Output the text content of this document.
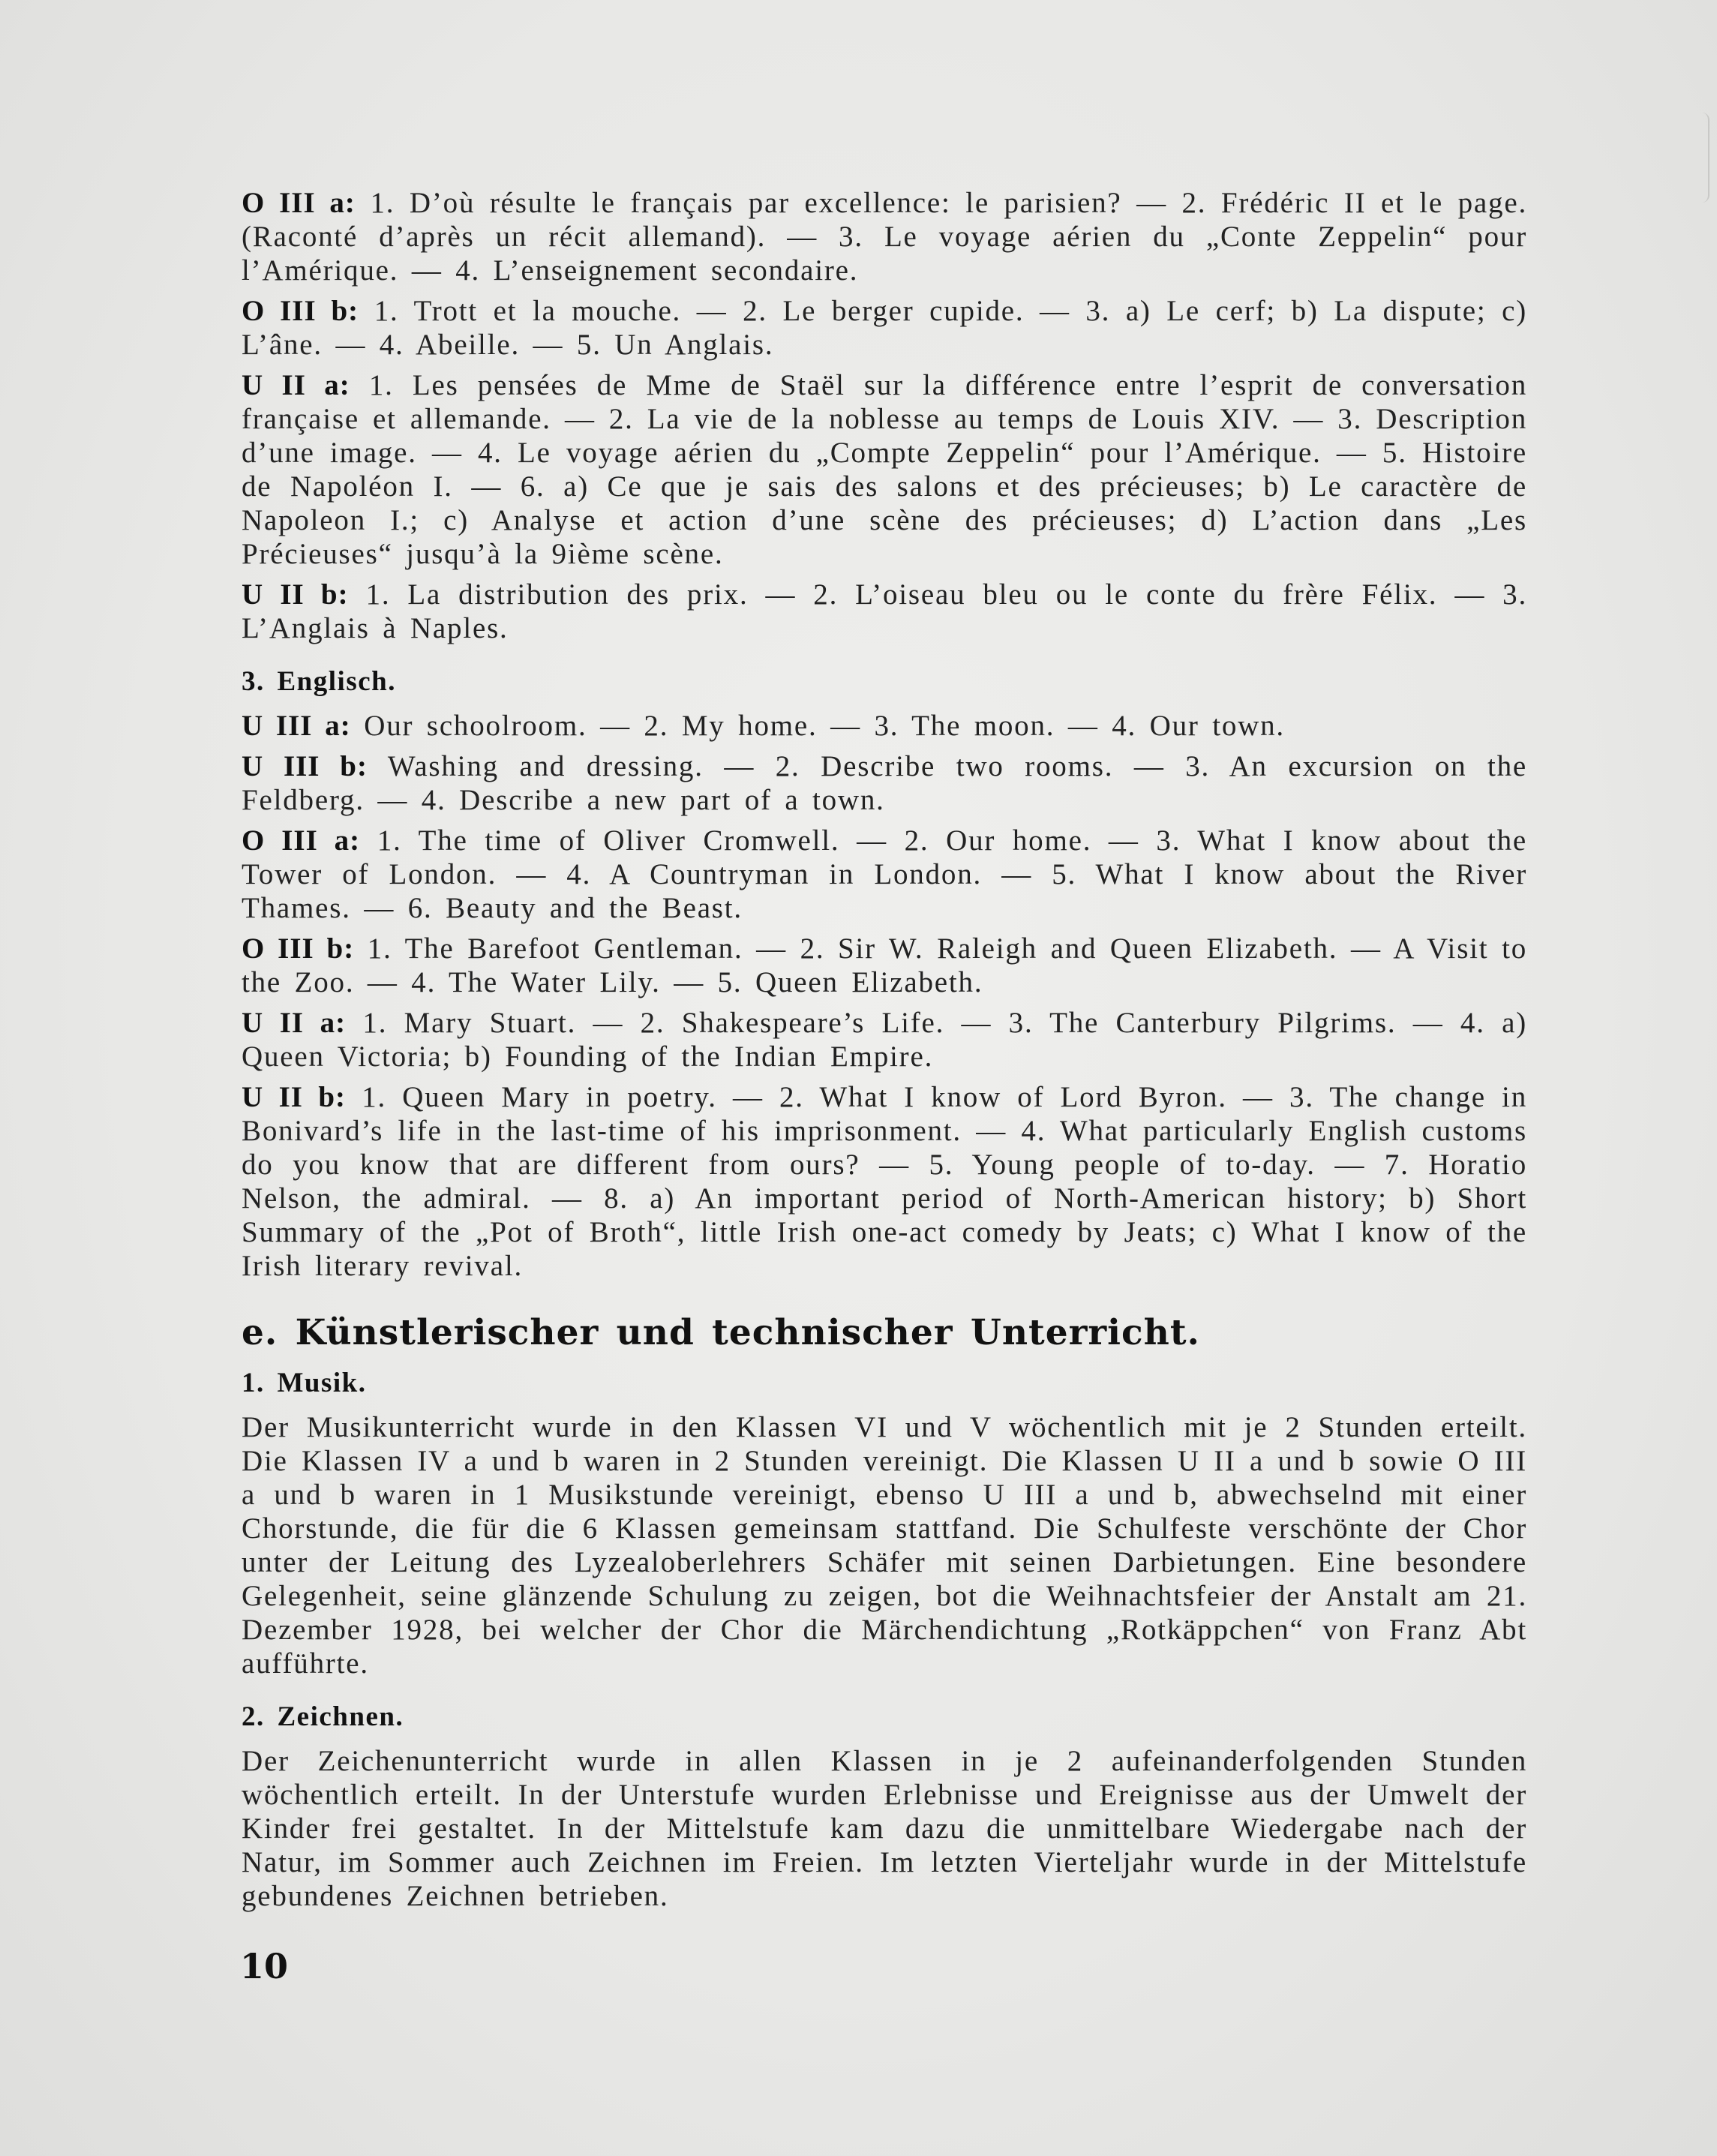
O III a: 1. D’où résulte le français par excellence: le parisien? — 2. Frédéric II et le page. (Raconté d’après un récit allemand). — 3. Le voyage aérien du „Conte Zeppelin“ pour l’Amérique. — 4. L’enseignement secondaire.

O III b: 1. Trott et la mouche. — 2. Le berger cupide. — 3. a) Le cerf; b) La dispute; c) L’âne. — 4. Abeille. — 5. Un Anglais.

U II a: 1. Les pensées de Mme de Staël sur la différence entre l’esprit de conversation française et allemande. — 2. La vie de la noblesse au temps de Louis XIV. — 3. Description d’une image. — 4. Le voyage aérien du „Compte Zeppelin“ pour l’Amérique. — 5. Histoire de Napoléon I. — 6. a) Ce que je sais des salons et des précieuses; b) Le caractère de Napoleon I.; c) Analyse et action d’une scène des précieuses; d) L’action dans „Les Précieuses“ jusqu’à la 9ième scène.

U II b: 1. La distribution des prix. — 2. L’oiseau bleu ou le conte du frère Félix. — 3. L’Anglais à Naples.

3. Englisch.

U III a: Our schoolroom. — 2. My home. — 3. The moon. — 4. Our town.

U III b: Washing and dressing. — 2. Describe two rooms. — 3. An excursion on the Feldberg. — 4. Describe a new part of a town.

O III a: 1. The time of Oliver Cromwell. — 2. Our home. — 3. What I know about the Tower of London. — 4. A Countryman in London. — 5. What I know about the River Thames. — 6. Beauty and the Beast.

O III b: 1. The Barefoot Gentleman. — 2. Sir W. Raleigh and Queen Elizabeth. — A Visit to the Zoo. — 4. The Water Lily. — 5. Queen Elizabeth.

U II a: 1. Mary Stuart. — 2. Shakespeare’s Life. — 3. The Canterbury Pilgrims. — 4. a) Queen Victoria; b) Founding of the Indian Empire.

U II b: 1. Queen Mary in poetry. — 2. What I know of Lord Byron. — 3. The change in Bonivard’s life in the last-time of his imprisonment. — 4. What particularly English customs do you know that are different from ours? — 5. Young people of to-day. — 7. Horatio Nelson, the admiral. — 8. a) An important period of North-American history; b) Short Summary of the „Pot of Broth“, little Irish one-act comedy by Jeats; c) What I know of the Irish literary revival.

e. Künstlerischer und technischer Unterricht.
1. Musik.

Der Musikunterricht wurde in den Klassen VI und V wöchentlich mit je 2 Stunden erteilt. Die Klassen IV a und b waren in 2 Stunden vereinigt. Die Klassen U II a und b sowie O III a und b waren in 1 Musikstunde vereinigt, ebenso U III a und b, abwechselnd mit einer Chorstunde, die für die 6 Klassen gemeinsam stattfand. Die Schulfeste verschönte der Chor unter der Leitung des Lyzealoberlehrers Schäfer mit seinen Darbietungen. Eine besondere Gelegenheit, seine glänzende Schulung zu zeigen, bot die Weihnachtsfeier der Anstalt am 21. Dezember 1928, bei welcher der Chor die Märchendichtung „Rotkäppchen“ von Franz Abt aufführte.

2. Zeichnen.

Der Zeichenunterricht wurde in allen Klassen in je 2 aufeinanderfolgenden Stunden wöchentlich erteilt. In der Unterstufe wurden Erlebnisse und Ereignisse aus der Umwelt der Kinder frei gestaltet. In der Mittelstufe kam dazu die unmittelbare Wiedergabe nach der Natur, im Sommer auch Zeichnen im Freien. Im letzten Vierteljahr wurde in der Mittelstufe gebundenes Zeichnen betrieben.

10
